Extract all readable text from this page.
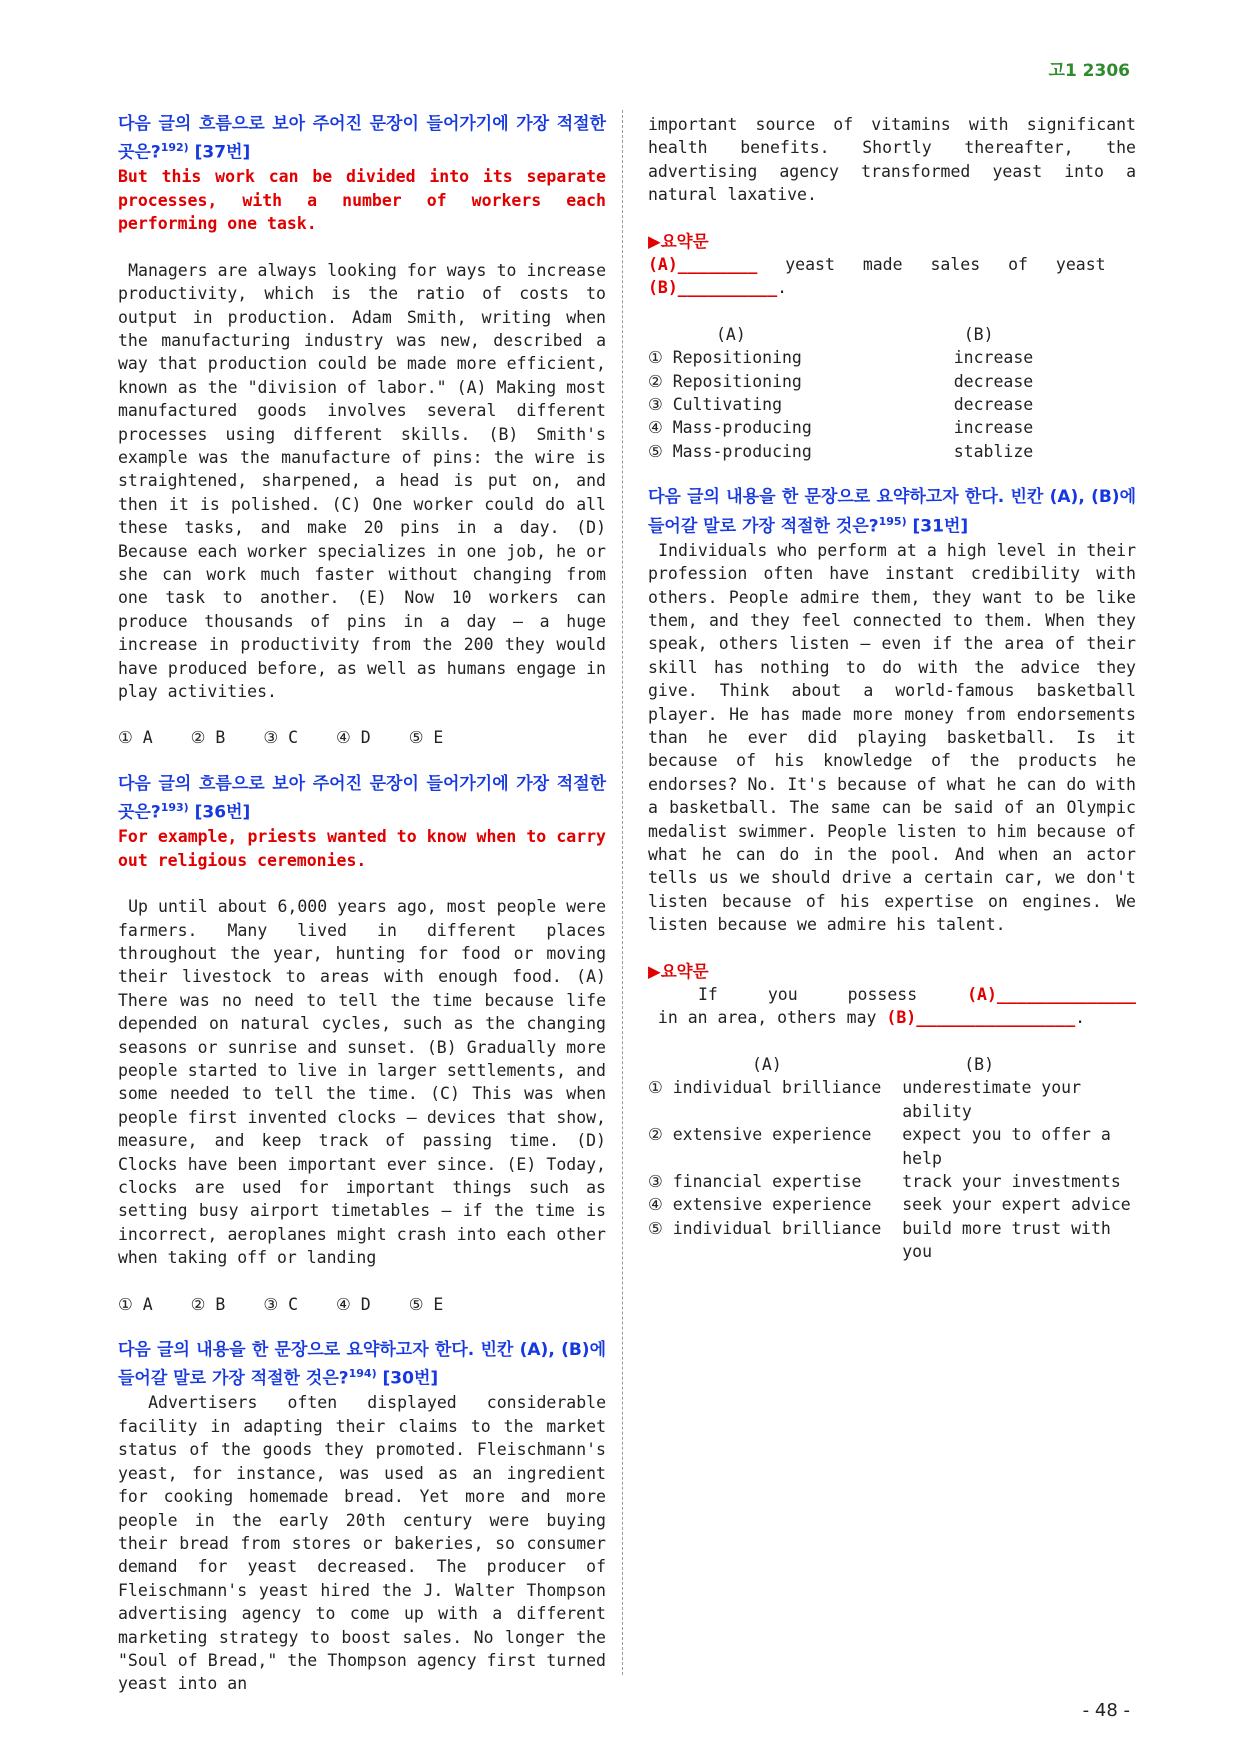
고1 2306
다음 글의 흐름으로 보아 주어진 문장이 들어가기에 가장 적절한 곳은?$^{192)}$ [37번]
But this work can be divided into its separate processes, with a number of workers each performing one task.

Managers are always looking for ways to increase productivity, which is the ratio of costs to output in production. Adam Smith, writing when the manufacturing industry was new, described a way that production could be made more efficient, known as the "division of labor." (A) Making most manufactured goods involves several different processes using different skills. (B) Smith's example was the manufacture of pins: the wire is straightened, sharpened, a head is put on, and then it is polished. (C) One worker could do all these tasks, and make 20 pins in a day. (D) Because each worker specializes in one job, he or she can work much faster without changing from one task to another. (E) Now 10 workers can produce thousands of pins in a day — a huge increase in productivity from the 200 they would have produced before, as well as humans engage in play activities.

① A ② B ③ C ④ D ⑤ E
다음 글의 흐름으로 보아 주어진 문장이 들어가기에 가장 적절한 곳은?$^{193)}$ [36번]
For example, priests wanted to know when to carry out religious ceremonies.

Up until about 6,000 years ago, most people were farmers. Many lived in different places throughout the year, hunting for food or moving their livestock to areas with enough food. (A) There was no need to tell the time because life depended on natural cycles, such as the changing seasons or sunrise and sunset. (B) Gradually more people started to live in larger settlements, and some needed to tell the time. (C) This was when people first invented clocks — devices that show, measure, and keep track of passing time. (D) Clocks have been important ever since. (E) Today, clocks are used for important things such as setting busy airport timetables — if the time is incorrect, aeroplanes might crash into each other when taking off or landing

① A ② B ③ C ④ D ⑤ E
다음 글의 내용을 한 문장으로 요약하고자 한다. 빈칸 (A), (B)에 들어갈 말로 가장 적절한 것은?$^{194)}$ [30번]

Advertisers often displayed considerable facility in adapting their claims to the market status of the goods they promoted. Fleischmann's yeast, for instance, was used as an ingredient for cooking homemade bread. Yet more and more people in the early 20th century were buying their bread from stores or bakeries, so consumer demand for yeast decreased. The producer of Fleischmann's yeast hired the J. Walter Thompson advertising agency to come up with a different marketing strategy to boost sales. No longer the "Soul of Bread," the Thompson agency first turned yeast into an

important source of vitamins with significant health benefits. Shortly thereafter, the advertising agency transformed yeast into a natural laxative.

▶요약문
(A)________ yeast made sales of yeast
(B)__________.
(A)	(B)
① Repositioning	increase
② Repositioning	decrease
③ Cultivating	decrease
④ Mass-producing	increase
⑤ Mass-producing	stablize
다음 글의 내용을 한 문장으로 요약하고자 한다. 빈칸 (A), (B)에 들어갈 말로 가장 적절한 것은?$^{195)}$ [31번]

Individuals who perform at a high level in their profession often have instant credibility with others. People admire them, they want to be like them, and they feel connected to them. When they speak, others listen — even if the area of their skill has nothing to do with the advice they give. Think about a world-famous basketball player. He has made more money from endorsements than he ever did playing basketball. Is it because of his knowledge of the products he endorses? No. It's because of what he can do with a basketball. The same can be said of an Olympic medalist swimmer. People listen to him because of what he can do in the pool. And when an actor tells us we should drive a certain car, we don't listen because of his expertise on engines. We listen because we admire his talent.

▶요약문
If you possess (A)______________ in an area, others may (B)________________.
(A)	(B)
① individual brilliance	underestimate your ability
② extensive experience	expect you to offer a help
③ financial expertise	track your investments
④ extensive experience	seek your expert advice
⑤ individual brilliance	build more trust with you
- 48 -
